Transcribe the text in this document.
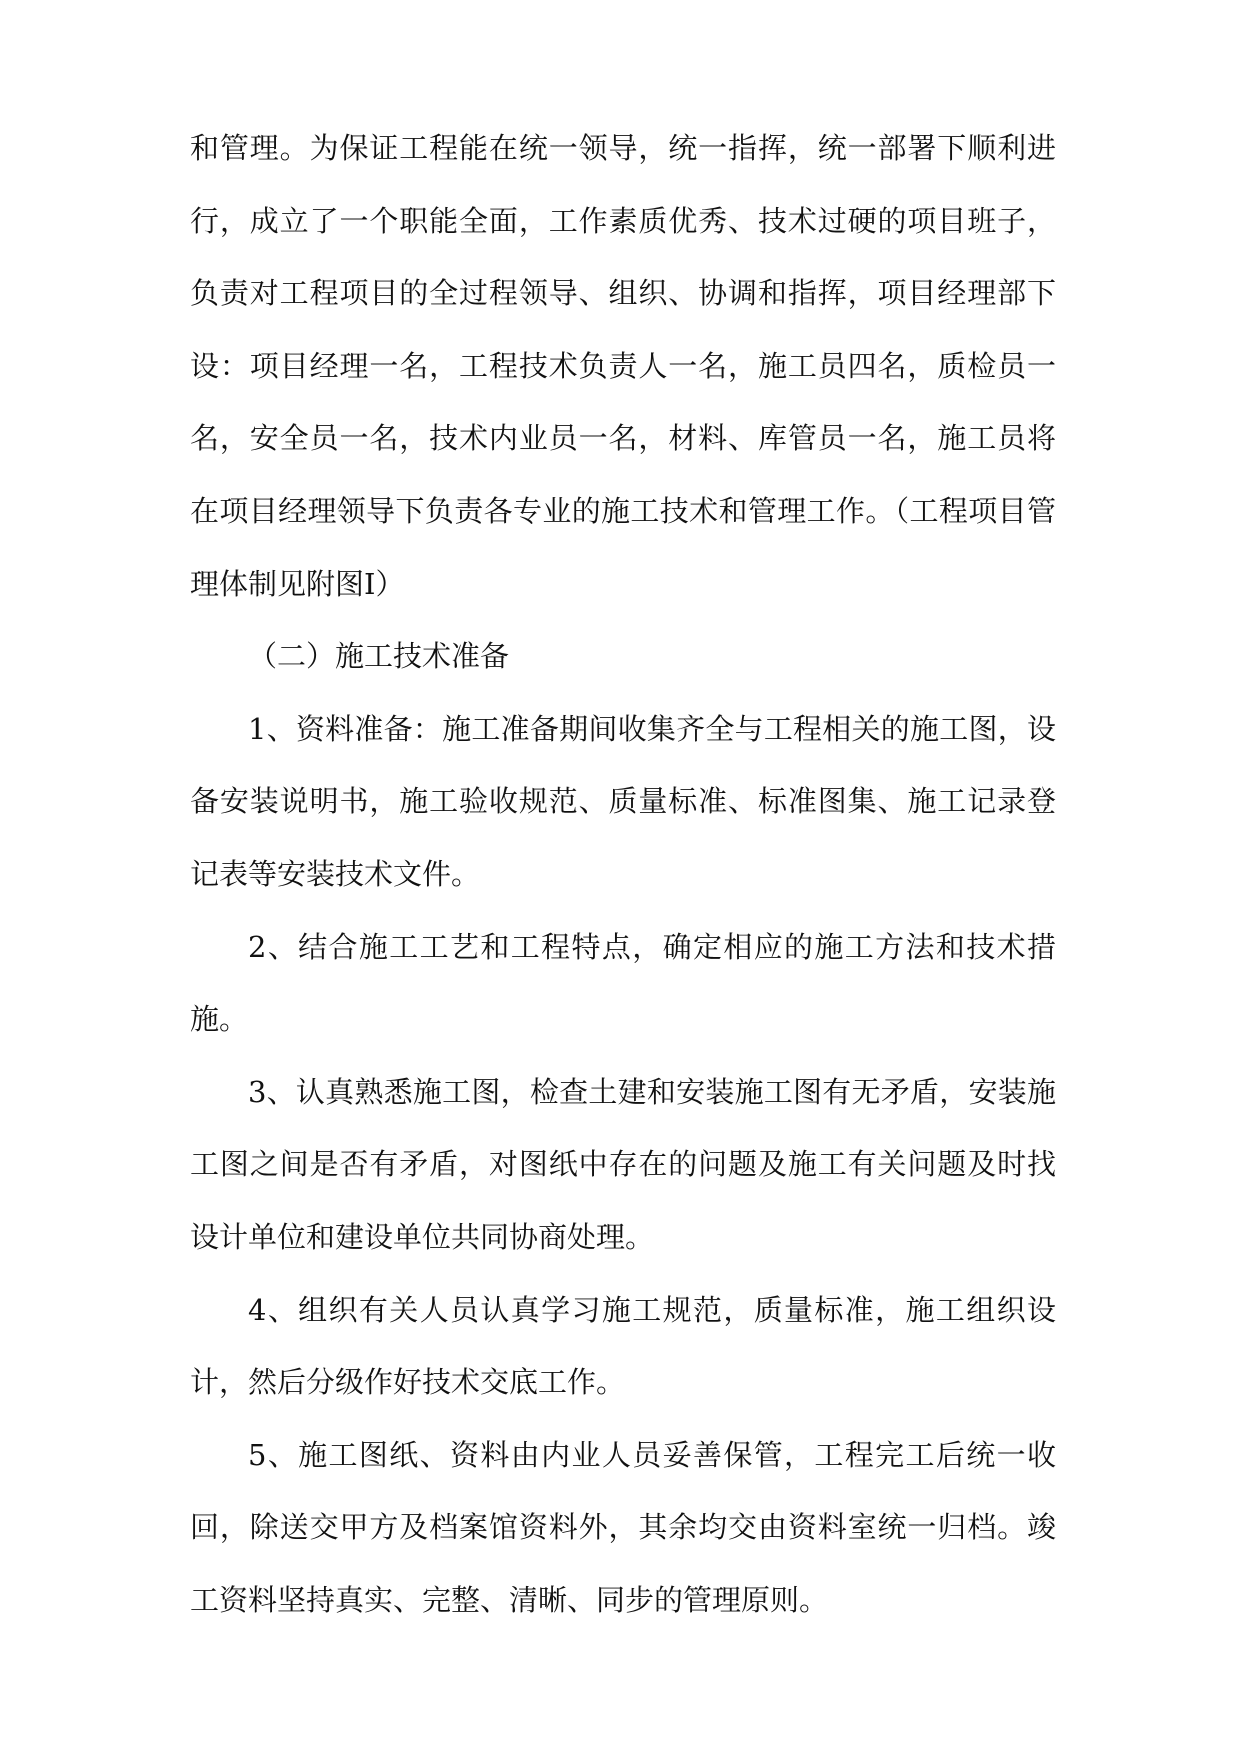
和管理。为保证工程能在统一领导，统一指挥，统一部署下顺利进行，成立了一个职能全面，工作素质优秀、技术过硬的项目班子，负责对工程项目的全过程领导、组织、协调和指挥，项目经理部下设：项目经理一名，工程技术负责人一名，施工员四名，质检员一名，安全员一名，技术内业员一名，材料、库管员一名，施工员将在项目经理领导下负责各专业的施工技术和管理工作。（工程项目管理体制见附图I）

（二）施工技术准备

1、资料准备：施工准备期间收集齐全与工程相关的施工图，设备安装说明书，施工验收规范、质量标准、标准图集、施工记录登记表等安装技术文件。

2、结合施工工艺和工程特点，确定相应的施工方法和技术措施。

3、认真熟悉施工图，检查土建和安装施工图有无矛盾，安装施工图之间是否有矛盾，对图纸中存在的问题及施工有关问题及时找设计单位和建设单位共同协商处理。

4、组织有关人员认真学习施工规范，质量标准，施工组织设计，然后分级作好技术交底工作。

5、施工图纸、资料由内业人员妥善保管，工程完工后统一收回，除送交甲方及档案馆资料外，其余均交由资料室统一归档。竣工资料坚持真实、完整、清晰、同步的管理原则。
